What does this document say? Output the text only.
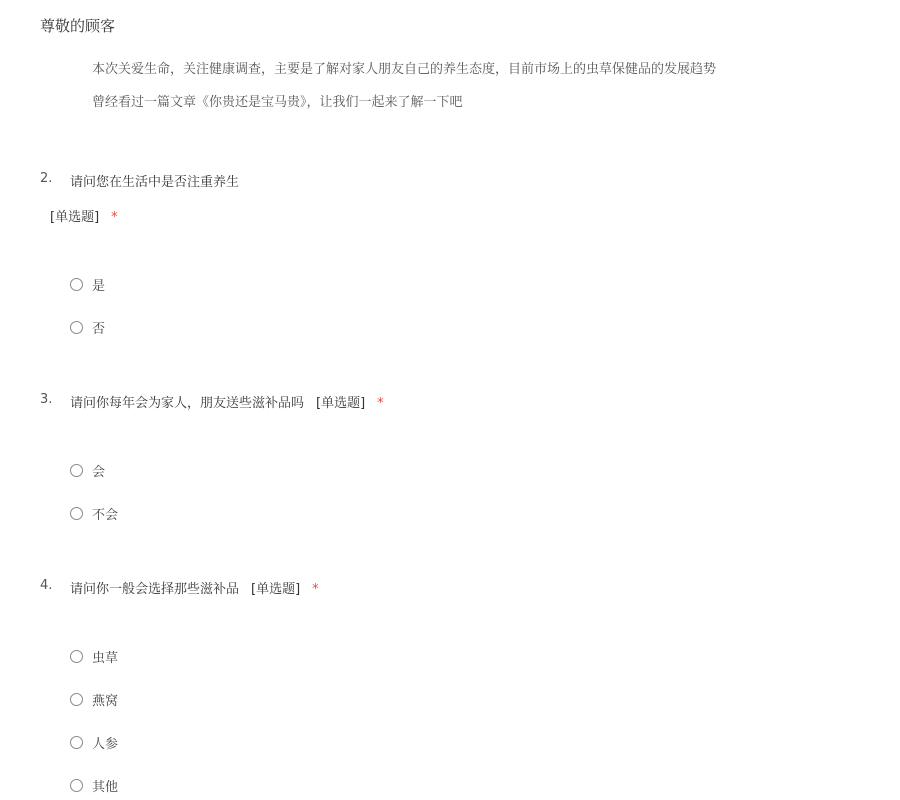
尊敬的顾客

本次关爱生命，关注健康调查，主要是了解对家人朋友自己的养生态度，目前市场上的虫草保健品的发展趋势

曾经看过一篇文章《你贵还是宝马贵》，让我们一起来了解一下吧

2. 请问您在生活中是否注重养生
[单选题] *
是
否
3. 请问你每年会为家人，朋友送些滋补品吗 [单选题] *
会
不会
4. 请问你一般会选择那些滋补品 [单选题] *
虫草
燕窝
人参
其他
